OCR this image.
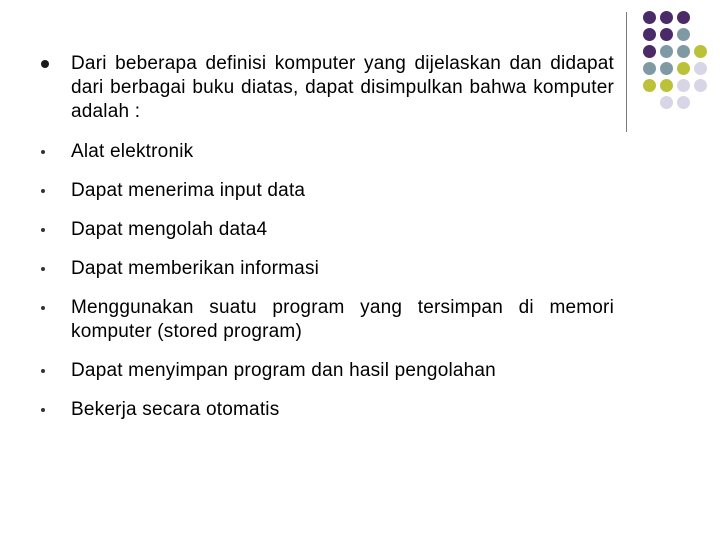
Dari beberapa definisi komputer yang dijelaskan dan didapat dari berbagai buku diatas, dapat disimpulkan bahwa komputer adalah :
Alat elektronik
Dapat menerima input data
Dapat mengolah data4
Dapat memberikan informasi
Menggunakan suatu program yang tersimpan di memori komputer (stored program)
Dapat menyimpan program dan hasil pengolahan
Bekerja secara otomatis
